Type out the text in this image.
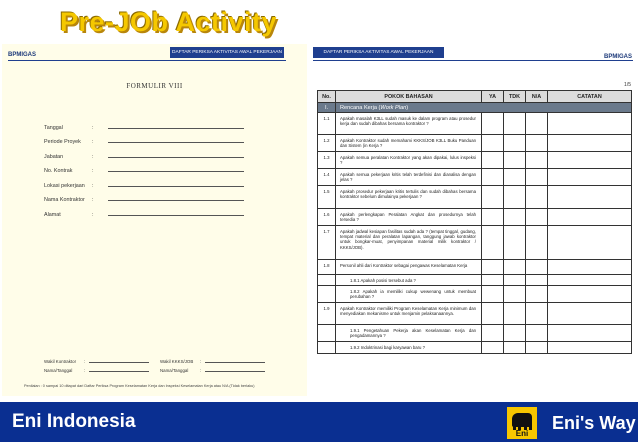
Pre-JOb Activity
BPMIGAS	DAFTAR PERIKSA AKTIVITAS AWAL PEKERJAAN
FORMULIR VIII
Tanggal	:
Periode Proyek	:
Jabatan	:
No. Kontrak	:
Lokasi pekerjaan	:
Nama Kontraktor	:
Alamat	:
Wakil Kontraktor	:
Nama/Tanggal	:
Wakil KKKS/JOB	:
Nama/Tanggal	:
Penilaian : 0 sampai 10 ditapat dari Daftar Periksa Program Keselamatan Kerja dan Inspeksi Keselamatan Kerja atau N/A (Tidak berlaku)
DAFTAR PERIKSA AKTIVITAS AWAL PEKERJAAN
BPMIGAS
1/5
No.	POKOK BAHASAN	YA	TDK	N/A	CATATAN
I.	Rencana Kerja (Work Plan)				
1.1	Apakah masalah K3LL sudah masuk ke dalam program atau prosedur kerja dan sudah dibahas bersama kontraktor ?				
1.2	Apakah Kontraktor sudah memahami KKKS/JOB K3LL Buku Panduan dan Sistem (in Kerja ?				
1.3	Apakah semua peralatan Kontraktor yang akan dipakai, lulus inspeksi ?				
1.4	Apakah semua pekerjaan kritis telah terdefinisi dan dianalisa dengan jelas ?				
1.5	Apakah prosedur pekerjaan kritis tertulis dan sudah dibahas bersama kontraktor sebelum dimulainya pekerjaan ?				
1.6	Apakah perlengkapan Peralatan Angkat dan prosedurnya telah tersedia ?				
1.7	Apakah jadwal kesiapan fasilitas sudah ada ? (tempat tinggal, gudang, tempat material dan peralatan lapangan, tanggung jawab kontraktor untuk bongkar-muat, penyimpanan material milik kontraktor / KKKS/JOB).				
1.8	Personil ahli dari Kontraktor sebagai pengawas Keselamatan Kerja				
	1.8.1 Apakah posisi tersebut ada ?				
	1.8.2 Apakah ia memiliki cukup wewenang untuk membuat perubahan ?				
1.9	Apakah Kontraktor memiliki Program Keselamatan Kerja minimum dan menyediakan mekanisme untuk menjamin pelaksanaannya.				
	1.9.1 Pengetahuan Pekerja akan Keselamatan Kerja dan pengadamannya ?				
	1.9.2 Indoktrinasi bagi karyawan baru ?				
Eni Indonesia
Eni
Eni's Way
